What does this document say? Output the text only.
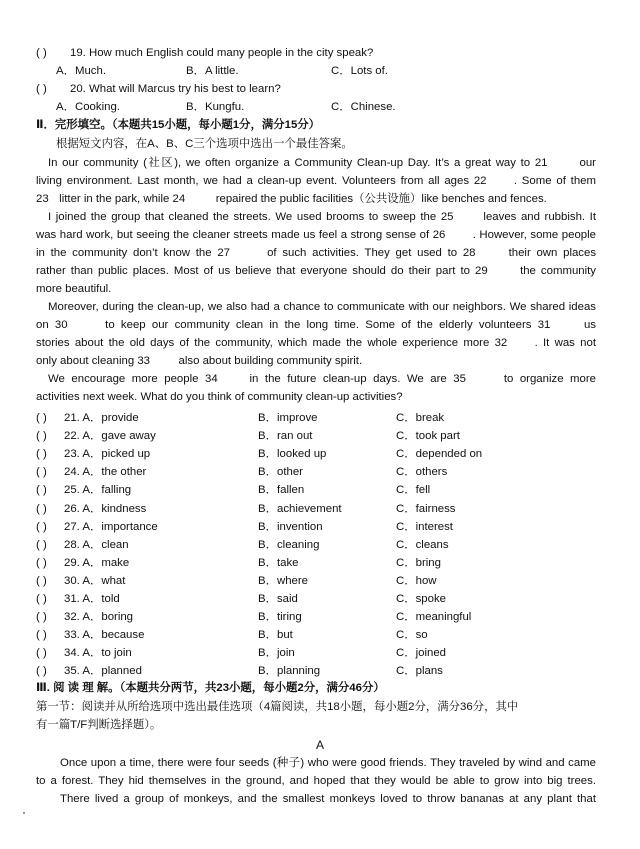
( )	19. How much English could many people in the city speak?
A．Much.	B．A little.	C．Lots of.
( )	20. What will Marcus try his best to learn?
A．Cooking.	B．Kungfu.	C．Chinese.
Ⅱ．完形填空。（本题共15小题，每小题1分，满分15分）
根据短文内容，在A、B、C三个选项中选出一个最佳答案。
In our community (社区), we often organize a Community Clean-up Day. It’s a great way to 21	our
living environment. Last month, we had a clean-up event. Volunteers from all ages 22 . Some of them
23 litter in the park, while 24	repaired the public facilities（公共设施）like benches and fences.
I joined the group that cleaned the streets. We used brooms to sweep the 25	leaves and rubbish. It
was hard work, but seeing the cleaner streets made us feel a strong sense of 26 . However, some people
in the community don’t know the 27	of such activities. They get used to 28	their own places
rather than public places. Most of us believe that everyone should do their part to 29	the community
more beautiful.
Moreover, during the clean-up, we also had a chance to communicate with our neighbors. We shared ideas
on 30	to keep our community clean in the long time. Some of the elderly volunteers 31	us
stories about the old days of the community, which made the whole experience more 32 . It was not
only about cleaning 33	also about building community spirit.
We encourage more people 34	in the future clean-up days. We are 35	to organize more
activities next week. What do you think of community clean-up activities?
( ) 21. A．provide	B．improve	C．break
( ) 22. A．gave away	B．ran out	C．took part
( ) 23. A．picked up	B．looked up	C．depended on
( ) 24. A．the other	B．other	C．others
( ) 25. A．falling	B．fallen	C．fell
( ) 26. A．kindness	B．achievement	C．fairness
( ) 27. A．importance	B．invention	C．interest
( ) 28. A．clean	B．cleaning	C．cleans
( ) 29. A．make	B．take	C．bring
( ) 30. A．what	B．where	C．how
( ) 31. A．told	B．said	C．spoke
( ) 32. A．boring	B．tiring	C．meaningful
( ) 33. A．because	B．but	C．so
( ) 34. A．to join	B．join	C．joined
( ) 35. A．planned	B．planning	C．plans
Ⅲ. 阅 读 理 解。（本题共分两节，共23小题，每小题2分，满分46分）
第一节：阅读并从所给选项中选出最佳选项（4篇阅读，共18小题，每小题2分，满分36分，其中
有一篇T/F判断选择题）。
A
Once upon a time, there were four seeds (种子) who were good friends. They traveled by wind and came
to a forest. They hid themselves in the ground, and hoped that they would be able to grow into big trees.
There lived a group of monkeys, and the smallest monkeys loved to throw bananas at any plant that
